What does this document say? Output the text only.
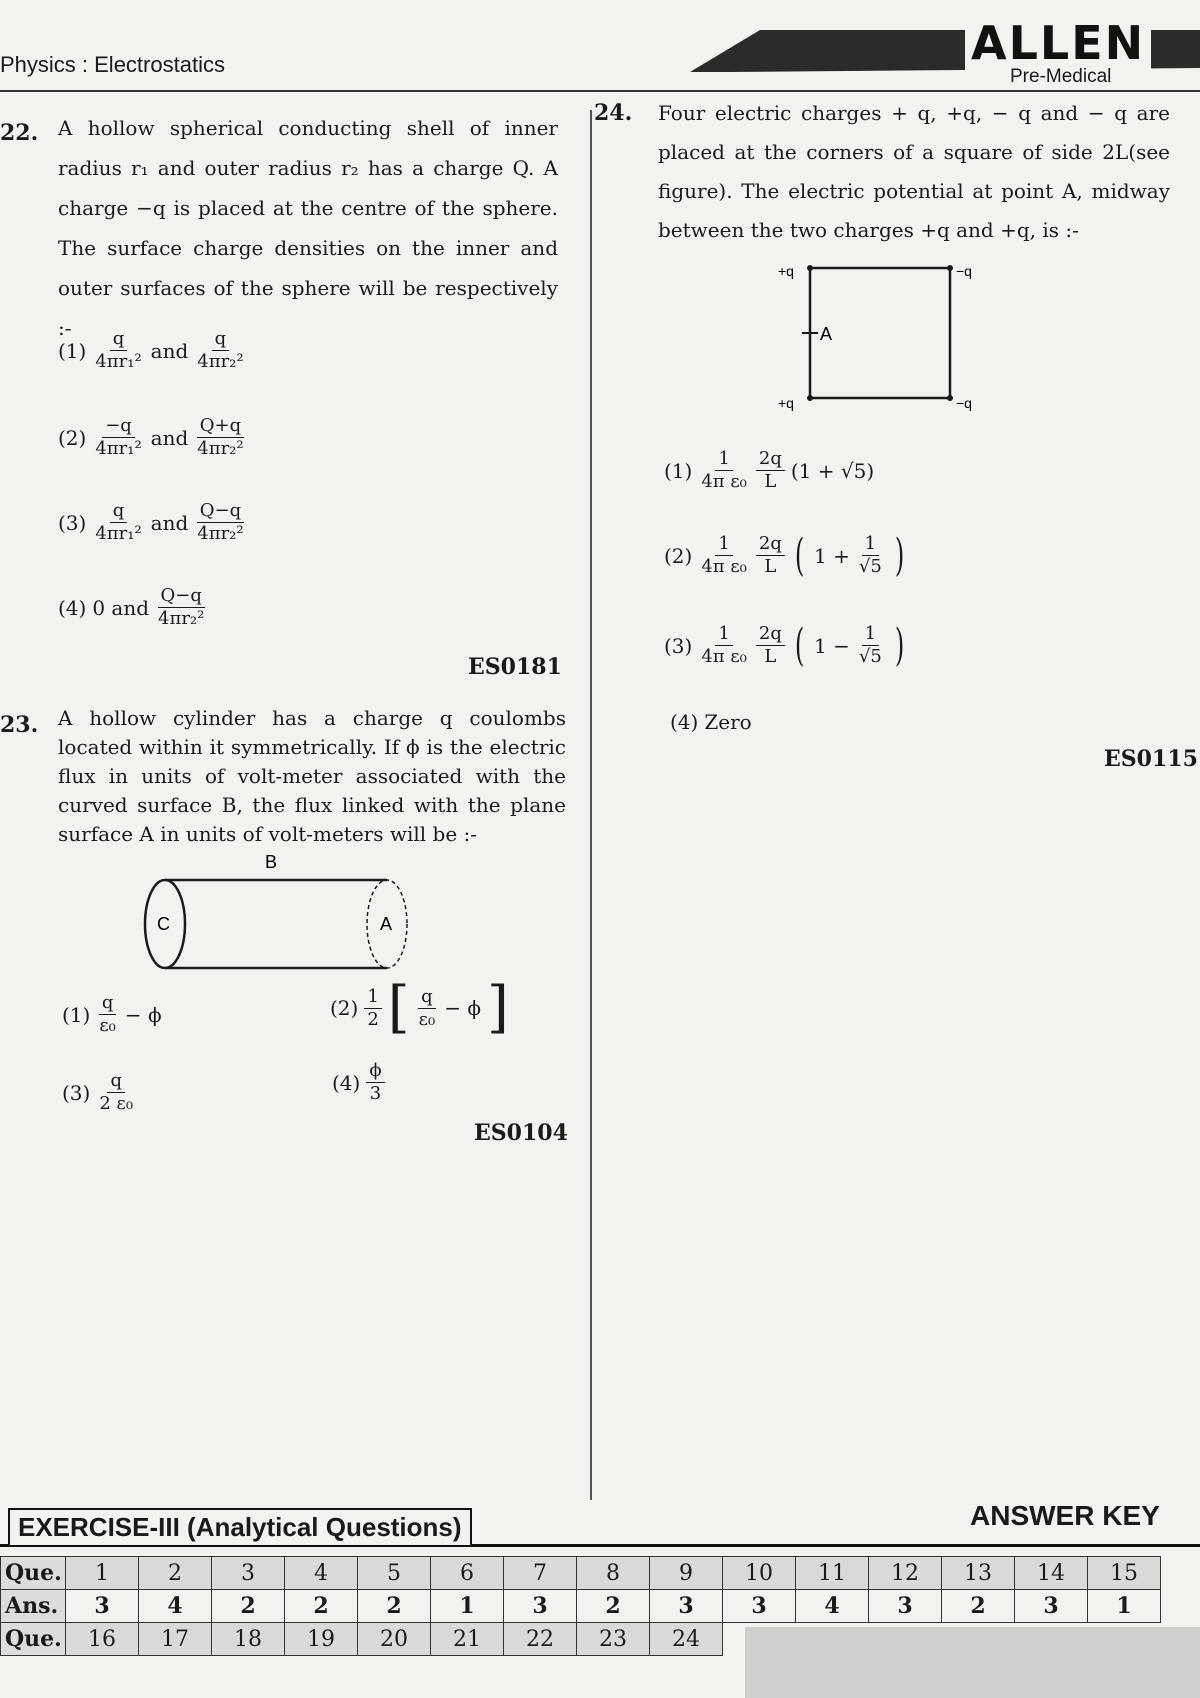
Physics : Electrostatics	ALLEN
Pre-Medical
22. A hollow spherical conducting shell of inner radius r₁ and outer radius r₂ has a charge Q. A charge −q is placed at the centre of the sphere. The surface charge densities on the inner and outer surfaces of the sphere will be respectively :-
$(1) \frac{q}{\text{4πr₁²}}$ and $\frac{q}{\text{4πr₂²}}$
$(2) \frac{-q}{\text{4πr₁²}}$ and $\frac{Q+q}{\text{4πr₂²}}$
$(3) \frac{q}{\text{4πr₁²}}$ and $\frac{Q-q}{\text{4πr₂²}}$
(4) 0 and $\frac{Q-q}{\text{4πr₂²}}$
ES0181
23. A hollow cylinder has a charge q coulombs located within it symmetrically. If ϕ is the electric flux in units of volt-meter associated with the curved surface B, the flux linked with the plane surface A in units of volt-meters will be :-
B
C	A
$(1) \frac{q}{\text{ε₀}} - \phi$	$(2) \frac{1}{2}$ [ $\frac{q}{\text{ε₀}} - \phi$ ]
$(3) \frac{q}{\text{2 ε₀}}$	$(4) \frac{\phi}{3}$
ES0104
24. Four electric charges + q, +q, − q and − q are placed at the corners of a square of side 2L(see figure). The electric potential at point A, midway between the two charges +q and +q, is :-
+q	−q
+q	−q
A
$(1) \frac{1}{\text{4π ε₀}} \frac{2q}{L} (1 + √5)$
$(2) \frac{1}{\text{4π ε₀}} \frac{2q}{L}$ ( $1 + \frac{1}{√5}$ )
$(3) \frac{1}{\text{4π ε₀}} \frac{2q}{L}$ ( $1 - \frac{1}{√5}$ )
(4) Zero
ES0115
EXERCISE-III (Analytical Questions)	ANSWER KEY
Que.	1	2	3	4	5	6	7	8	9	10	11	12	13	14	15
Ans.	3	4	2	2	2	1	3	2	3	3	4	3	2	3	1
Que.	16	17	18	19	20	21	22	23	24						
